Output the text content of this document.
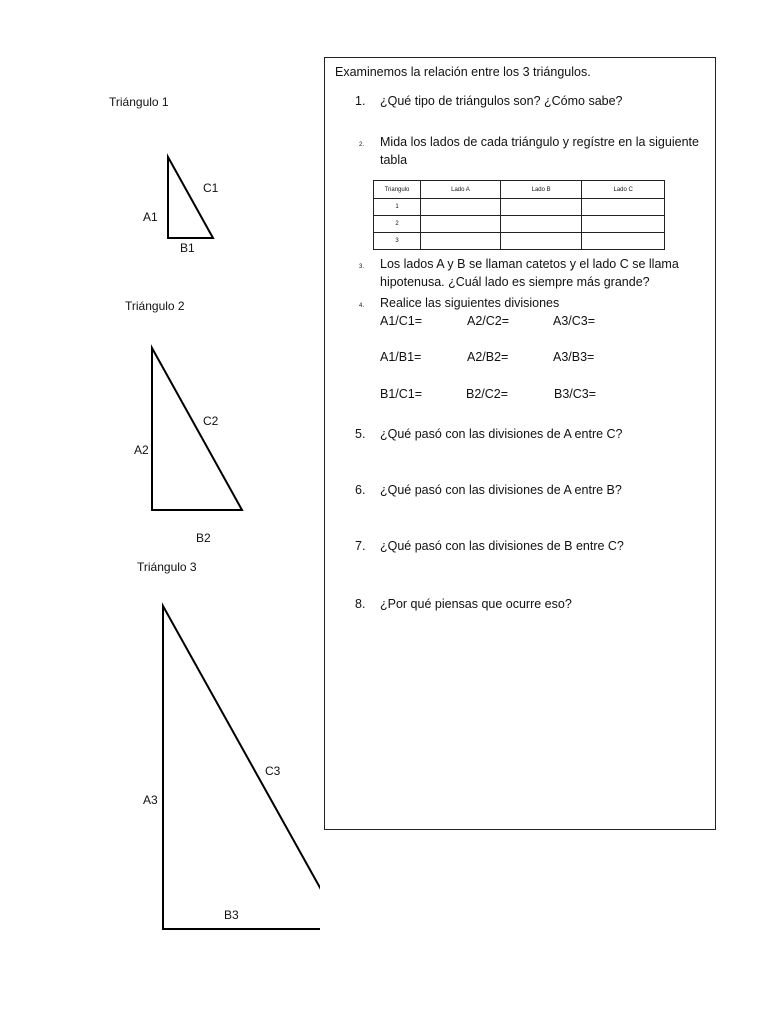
Triángulo 1
A1
B1
C1
Triángulo 2
A2
B2
C2
Triángulo 3
A3
B3
C3
Examinemos la relación entre los 3 triángulos.
1. ¿Qué tipo de triángulos son? ¿Cómo sabe?
2. Mida los lados de cada triángulo y regístre en la siguiente tabla
Triangulo	Lado A	Lado B	Lado C
1			
2			
3			
3. Los lados A y B se llaman catetos y el lado C se llama hipotenusa. ¿Cuál lado es siempre más grande?
4. Realice las siguientes divisiones
A1/C1=	A2/C2=	A3/C3=
A1/B1=	A2/B2=	A3/B3=
B1/C1=	B2/C2=	B3/C3=
5. ¿Qué pasó con las divisiones de A entre C?
6. ¿Qué pasó con las divisiones de A entre B?
7. ¿Qué pasó con las divisiones de B entre C?
8. ¿Por qué piensas que ocurre eso?
